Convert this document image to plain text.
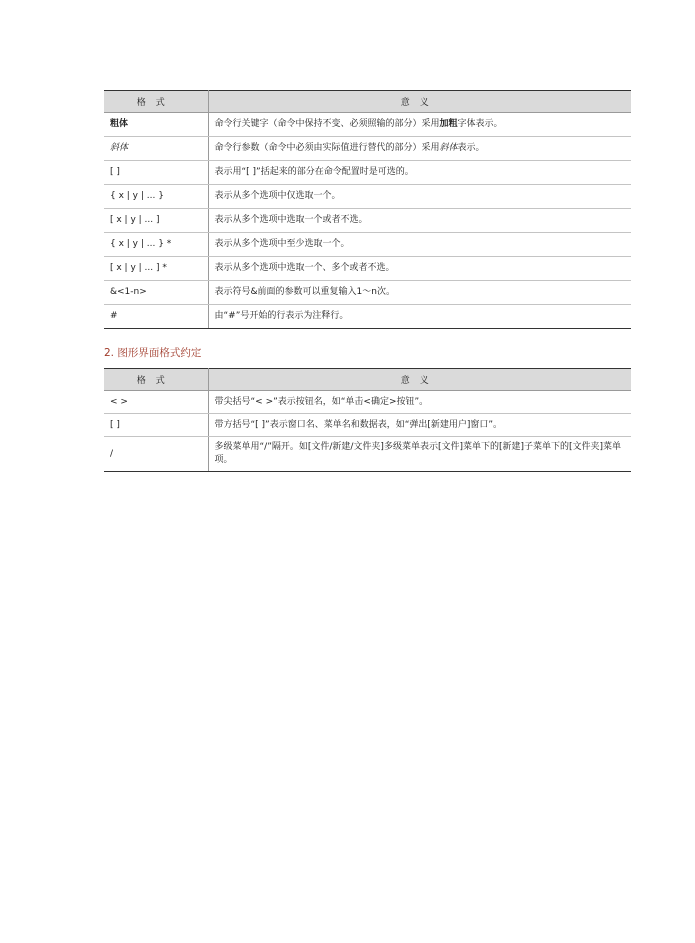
格式	意义
粗体	命令行关键字（命令中保持不变、必须照输的部分）采用加粗字体表示。
斜体	命令行参数（命令中必须由实际值进行替代的部分）采用斜体表示。
[ ]	表示用“[ ]”括起来的部分在命令配置时是可选的。
{ x | y | ... }	表示从多个选项中仅选取一个。
[ x | y | ... ]	表示从多个选项中选取一个或者不选。
{ x | y | ... } *	表示从多个选项中至少选取一个。
[ x | y | ... ] *	表示从多个选项中选取一个、多个或者不选。
&<1-n>	表示符号&前面的参数可以重复输入1～n次。
#	由“#”号开始的行表示为注释行。
2. 图形界面格式约定
格式	意义
< >	带尖括号“< >”表示按钮名，如“单击<确定>按钮”。
[ ]	带方括号“[ ]”表示窗口名、菜单名和数据表，如“弹出[新建用户]窗口”。
/	多级菜单用“/”隔开。如[文件/新建/文件夹]多级菜单表示[文件]菜单下的[新建]子菜单下的[文件夹]菜单项。
